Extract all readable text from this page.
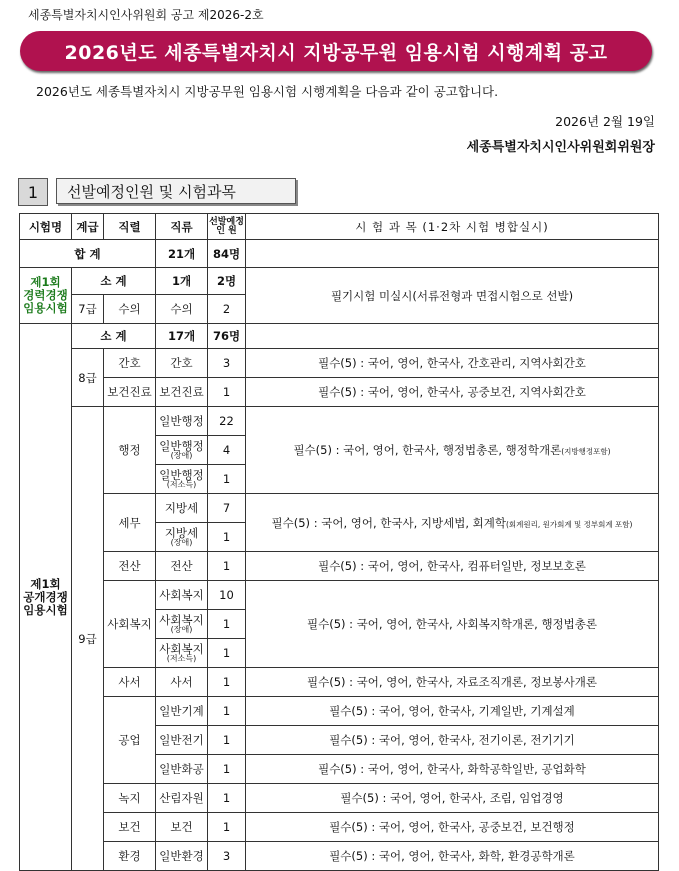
세종특별자치시인사위원회 공고 제2026-2호
2026년도 세종특별자치시 지방공무원 임용시험 시행계획 공고
2026년도 세종특별자치시 지방공무원 임용시험 시행계획을 다음과 같이 공고합니다.
2026년 2월 19일
세종특별자치시인사위원회위원장
1	선발예정인원 및 시험과목
시험명	계급	직렬	직류	선발예정
인 원	시 험 과 목 (1·2차 시험 병합실시)
합 계			21개	84명	

제1회
경력경쟁
임용시험	소 계		1개	2명	필기시험 미실시(서류전형과 면접시험으로 선발)
	7급	수의	수의	2	

제1회
공개경쟁
임용시험	소 계		17개	76명	
	8급	간호	간호	3	필수(5) : 국어, 영어, 한국사, 간호관리, 지역사회간호
		보건진료	보건진료	1	필수(5) : 국어, 영어, 한국사, 공중보건, 지역사회간호
	9급	행정	일반행정	22	필수(5) : 국어, 영어, 한국사, 행정법총론, 행정학개론(지방행정포함)

			일반행정
(장애)	4	

			일반행정
(저소득)	1	
		세무	지방세	7	필수(5) : 국어, 영어, 한국사, 지방세법, 회계학(회계원리, 원가회계 및 정부회계 포함)

			지방세
(장애)	1	
		전산	전산	1	필수(5) : 국어, 영어, 한국사, 컴퓨터일반, 정보보호론
		사회복지	사회복지	10	필수(5) : 국어, 영어, 한국사, 사회복지학개론, 행정법총론

			사회복지
(장애)	1	

			사회복지
(저소득)	1	
		사서	사서	1	필수(5) : 국어, 영어, 한국사, 자료조직개론, 정보봉사개론
		공업	일반기계	1	필수(5) : 국어, 영어, 한국사, 기계일반, 기계설계
			일반전기	1	필수(5) : 국어, 영어, 한국사, 전기이론, 전기기기
			일반화공	1	필수(5) : 국어, 영어, 한국사, 화학공학일반, 공업화학
		녹지	산림자원	1	필수(5) : 국어, 영어, 한국사, 조림, 임업경영
		보건	보건	1	필수(5) : 국어, 영어, 한국사, 공중보건, 보건행정
		환경	일반환경	3	필수(5) : 국어, 영어, 한국사, 화학, 환경공학개론
